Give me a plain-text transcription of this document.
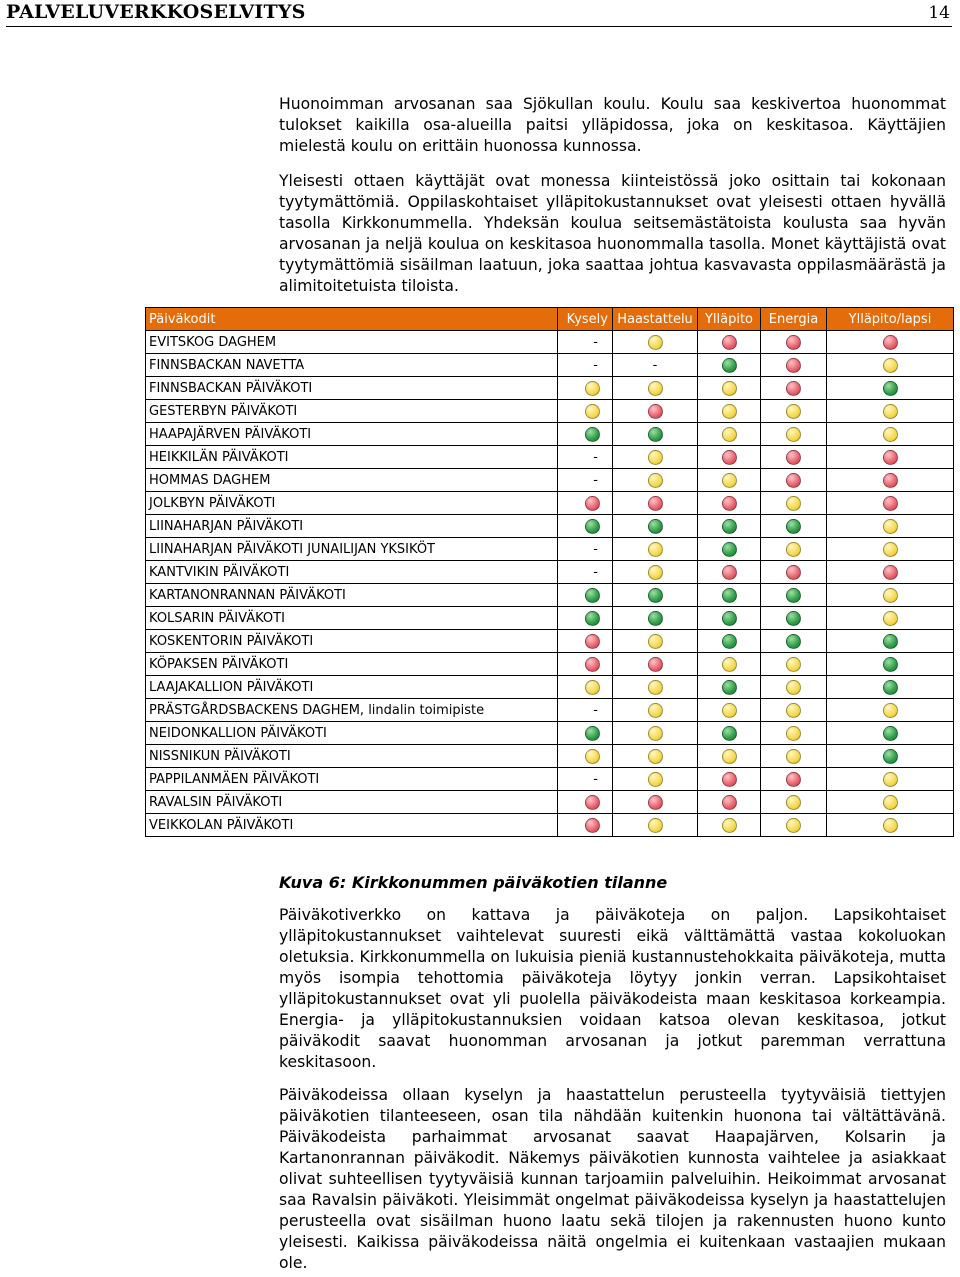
PALVELUVERKKOSELVITYS	14

Huonoimman arvosanan saa Sjökullan koulu. Koulu saa keskivertoa huonommat tulokset kaikilla osa-alueilla paitsi ylläpidossa, joka on keskitasoa. Käyttäjien mielestä koulu on erittäin huonossa kunnossa.

Yleisesti ottaen käyttäjät ovat monessa kiinteistössä joko osittain tai kokonaan tyytymättömiä. Oppilaskohtaiset ylläpitokustannukset ovat yleisesti ottaen hyvällä tasolla Kirkkonummella. Yhdeksän koulua seitsemästätoista koulusta saa hyvän arvosanan ja neljä koulua on keskitasoa huonommalla tasolla. Monet käyttäjistä ovat tyytymättömiä sisäilman laatuun, joka saattaa johtua kasvavasta oppilasmäärästä ja alimitoitetuista tiloista.

Päiväkodit	Kysely	Haastattelu	Ylläpito	Energia	Ylläpito/lapsi
EVITSKOG DAGHEM	-				
FINNSBACKAN NAVETTA	-	-			
FINNSBACKAN PÄIVÄKOTI					
GESTERBYN PÄIVÄKOTI					
HAAPAJÄRVEN PÄIVÄKOTI					
HEIKKILÄN PÄIVÄKOTI	-				
HOMMAS DAGHEM	-				
JOLKBYN PÄIVÄKOTI					
LIINAHARJAN PÄIVÄKOTI					
LIINAHARJAN PÄIVÄKOTI JUNAILIJAN YKSIKÖT	-				
KANTVIKIN PÄIVÄKOTI	-				
KARTANONRANNAN PÄIVÄKOTI					
KOLSARIN PÄIVÄKOTI					
KOSKENTORIN PÄIVÄKOTI					
KÖPAKSEN PÄIVÄKOTI					
LAAJAKALLION PÄIVÄKOTI					
PRÄSTGÅRDSBACKENS DAGHEM, lindalin toimipiste	-				
NEIDONKALLION PÄIVÄKOTI					
NISSNIKUN PÄIVÄKOTI					
PAPPILANMÄEN PÄIVÄKOTI	-				
RAVALSIN PÄIVÄKOTI					
VEIKKOLAN PÄIVÄKOTI					
Kuva 6: Kirkkonummen päiväkotien tilanne

Päiväkotiverkko on kattava ja päiväkoteja on paljon. Lapsikohtaiset ylläpitokustannukset vaihtelevat suuresti eikä välttämättä vastaa kokoluokan oletuksia. Kirkkonummella on lukuisia pieniä kustannustehokkaita päiväkoteja, mutta myös isompia tehottomia päiväkoteja löytyy jonkin verran. Lapsikohtaiset ylläpitokustannukset ovat yli puolella päiväkodeista maan keskitasoa korkeampia. Energia- ja ylläpitokustannuksien voidaan katsoa olevan keskitasoa, jotkut päiväkodit saavat huonomman arvosanan ja jotkut paremman verrattuna keskitasoon.

Päiväkodeissa ollaan kyselyn ja haastattelun perusteella tyytyväisiä tiettyjen päiväkotien tilanteeseen, osan tila nähdään kuitenkin huonona tai vältättävänä. Päiväkodeista parhaimmat arvosanat saavat Haapajärven, Kolsarin ja Kartanonrannan päiväkodit. Näkemys päiväkotien kunnosta vaihtelee ja asiakkaat olivat suhteellisen tyytyväisiä kunnan tarjoamiin palveluihin. Heikoimmat arvosanat saa Ravalsin päiväkoti. Yleisimmät ongelmat päiväkodeissa kyselyn ja haastattelujen perusteella ovat sisäilman huono laatu sekä tilojen ja rakennusten huono kunto yleisesti. Kaikissa päiväkodeissa näitä ongelmia ei kuitenkaan vastaajien mukaan ole.
